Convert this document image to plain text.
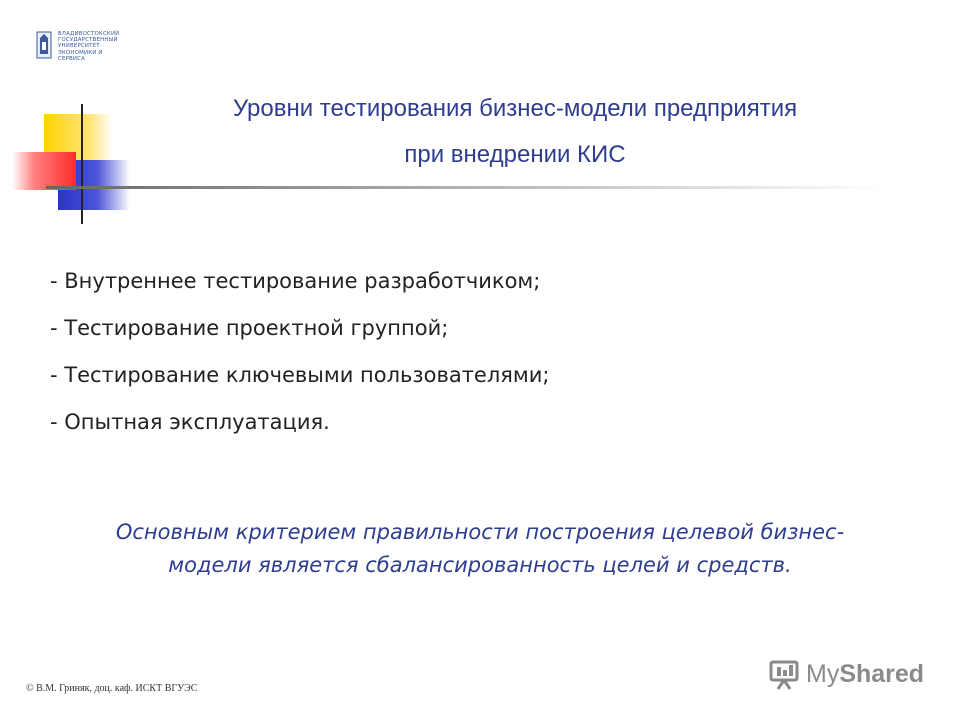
ВЛАДИВОСТОКСКИЙ
ГОСУДАРСТВЕННЫЙ
УНИВЕРСИТЕТ
ЭКОНОМИКИ И
СЕРВИСА
Уровни тестирования бизнес-модели предприятия
при внедрении КИС
- Внутреннее тестирование разработчиком;
- Тестирование проектной группой;
- Тестирование ключевыми пользователями;
- Опытная эксплуатация.
Основным критерием правильности построения целевой бизнес-
модели является сбалансированность целей и средств.
© В.М. Гриняк, доц. каф. ИСКТ ВГУЭС
MyShared
